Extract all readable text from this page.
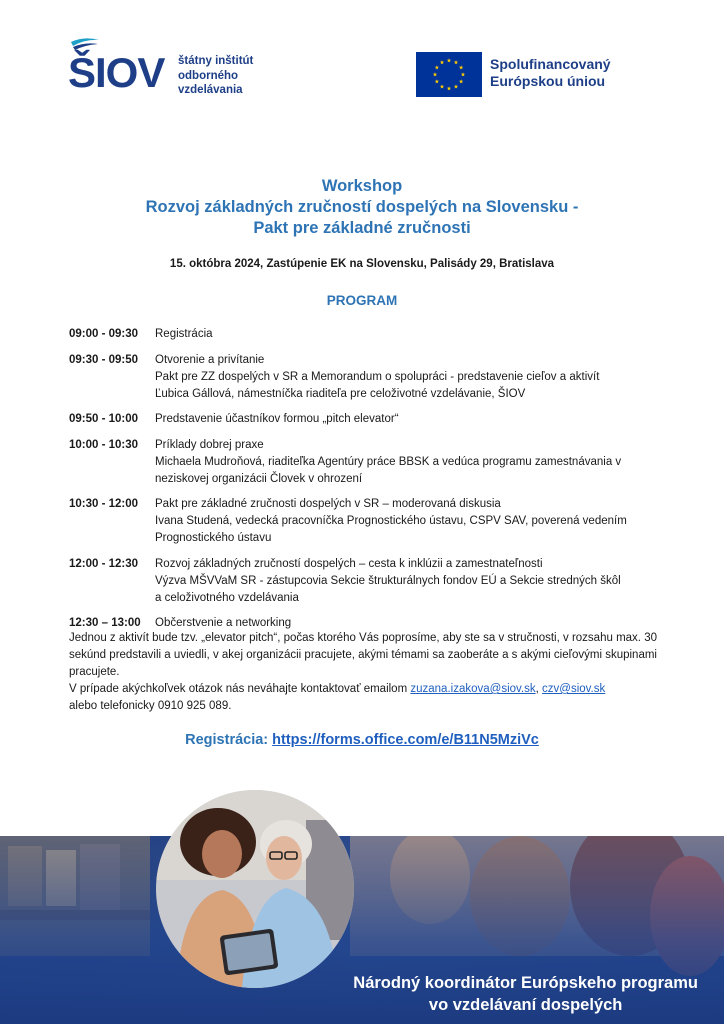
ŠIOV štátny inštitút
odborného
vzdelávania
Spolufinancovaný
Európskou úniou
Workshop
Rozvoj základných zručností dospelých na Slovensku -
Pakt pre základné zručnosti
15. októbra 2024, Zastúpenie EK na Slovensku, Palisády 29, Bratislava
PROGRAM
09:00 - 09:30	Registrácia
09:30 - 09:50	Otvorenie a privítanie
Pakt pre ZZ dospelých v SR a Memorandum o spolupráci - predstavenie cieľov a aktivít
Ľubica Gállová, námestníčka riaditeľa pre celoživotné vzdelávanie, ŠIOV
09:50 - 10:00	Predstavenie účastníkov formou „pitch elevator“
10:00 - 10:30	Príklady dobrej praxe
Michaela Mudroňová, riaditeľka Agentúry práce BBSK a vedúca programu zamestnávania v
neziskovej organizácii Človek v ohrození
10:30 - 12:00	Pakt pre základné zručnosti dospelých v SR – moderovaná diskusia
Ivana Studená, vedecká pracovníčka Prognostického ústavu, CSPV SAV, poverená vedením
Prognostického ústavu
12:00 - 12:30	Rozvoj základných zručností dospelých – cesta k inklúzii a zamestnateľnosti
Výzva MŠVVaM SR - zástupcovia Sekcie štrukturálnych fondov EÚ a Sekcie stredných škôl
a celoživotného vzdelávania
12:30 – 13:00	Občerstvenie a networking
Jednou z aktivít bude tzv. „elevator pitch“, počas ktorého Vás poprosíme, aby ste sa v stručnosti, v rozsahu max. 30 sekúnd predstavili a uviedli, v akej organizácii pracujete, akými témami sa zaoberáte a s akými cieľovými skupinami pracujete.
V prípade akýchkoľvek otázok nás neváhajte kontaktovať emailom zuzana.izakova@siov.sk, czv@siov.sk
alebo telefonicky 0910 925 089.
Registrácia: https://forms.office.com/e/B11N5MziVc
Národný koordinátor Európskeho programu
vo vzdelávaní dospelých
